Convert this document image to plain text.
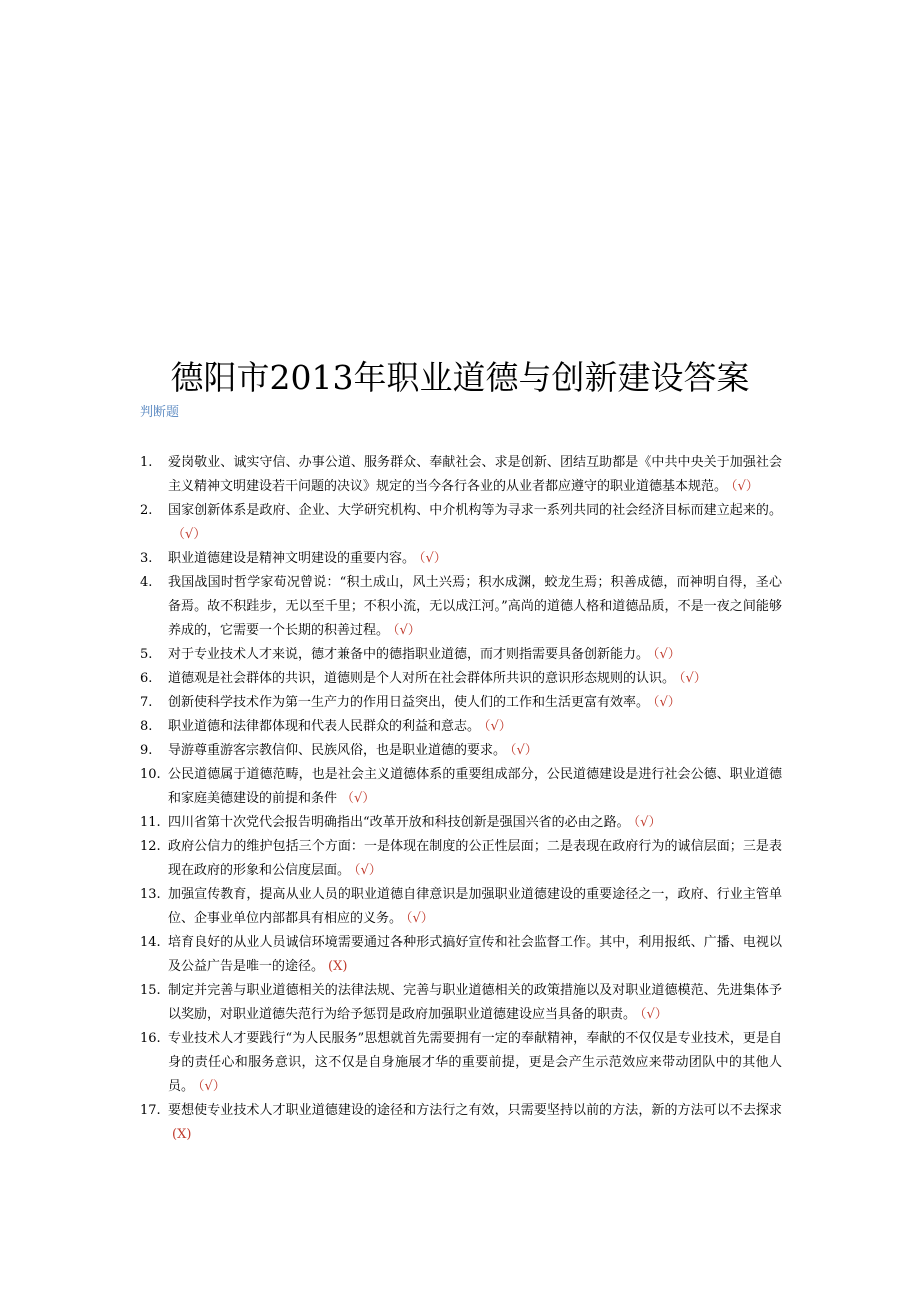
德阳市2013年职业道德与创新建设答案
判断题
1. 爱岗敬业、诚实守信、办事公道、服务群众、奉献社会、求是创新、团结互助都是《中共中央关于加强社会主义精神文明建设若干问题的决议》规定的当今各行各业的从业者都应遵守的职业道德基本规范。 （√）
2. 国家创新体系是政府、企业、大学研究机构、中介机构等为寻求一系列共同的社会经济目标而建立起来的。（√）
3. 职业道德建设是精神文明建设的重要内容。 （√）
4. 我国战国时哲学家荀况曾说：“积土成山，风土兴焉；积水成渊，蛟龙生焉；积善成德，而神明自得，圣心备焉。故不积跬步，无以至千里；不积小流，无以成江河。”高尚的道德人格和道德品质，不是一夜之间能够养成的，它需要一个长期的积善过程。 （√）
5. 对于专业技术人才来说，德才兼备中的德指职业道德，而才则指需要具备创新能力。 （√）
6. 道德观是社会群体的共识，道德则是个人对所在社会群体所共识的意识形态规则的认识。 （√）
7. 创新使科学技术作为第一生产力的作用日益突出，使人们的工作和生活更富有效率。 （√）
8. 职业道德和法律都体现和代表人民群众的利益和意志。 （√）
9. 导游尊重游客宗教信仰、民族风俗，也是职业道德的要求。 （√）
10. 公民道德属于道德范畴，也是社会主义道德体系的重要组成部分，公民道德建设是进行社会公德、职业道德和家庭美德建设的前提和条件 （√）
11. 四川省第十次党代会报告明确指出“改革开放和科技创新是强国兴省的必由之路。 （√）
12. 政府公信力的维护包括三个方面：一是体现在制度的公正性层面；二是表现在政府行为的诚信层面；三是表现在政府的形象和公信度层面。 （√）
13. 加强宣传教育，提高从业人员的职业道德自律意识是加强职业道德建设的重要途径之一，政府、行业主管单位、企事业单位内部都具有相应的义务。 （√）
14. 培育良好的从业人员诚信环境需要通过各种形式搞好宣传和社会监督工作。其中，利用报纸、广播、电视以及公益广告是唯一的途径。 (X)
15. 制定并完善与职业道德相关的法律法规、完善与职业道德相关的政策措施以及对职业道德模范、先进集体予以奖励，对职业道德失范行为给予惩罚是政府加强职业道德建设应当具备的职责。 （√）
16. 专业技术人才要践行“为人民服务”思想就首先需要拥有一定的奉献精神，奉献的不仅仅是专业技术，更是自身的责任心和服务意识，这不仅是自身施展才华的重要前提，更是会产生示范效应来带动团队中的其他人员。 （√）
17. 要想使专业技术人才职业道德建设的途径和方法行之有效，只需要坚持以前的方法，新的方法可以不去探求(X)
